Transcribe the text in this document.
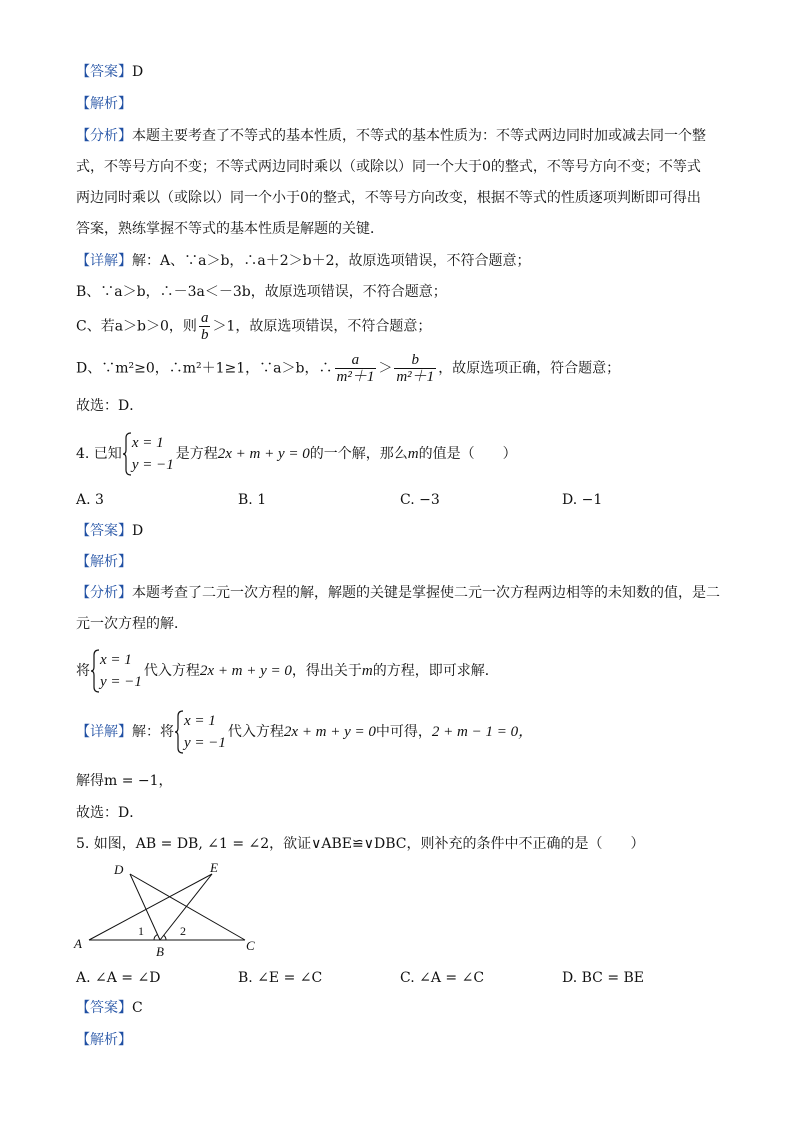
【答案】D
【解析】
【分析】本题主要考查了不等式的基本性质，不等式的基本性质为：不等式两边同时加或减去同一个整
式，不等号方向不变；不等式两边同时乘以（或除以）同一个大于0的整式，不等号方向不变；不等式
两边同时乘以（或除以）同一个小于0的整式，不等号方向改变，根据不等式的性质逐项判断即可得出
答案，熟练掌握不等式的基本性质是解题的关键．
【详解】解：A、∵a＞b，∴a＋2＞b＋2，故原选项错误，不符合题意；
B、∵a＞b，∴－3a＜－3b，故原选项错误，不符合题意；
C、若a＞b＞0，则 $\frac{a}{b} >1$，故原选项错误，不符合题意；
D、∵m²≥0，∴m²＋1≥1，∵a＞b，∴ $\frac{a}{\text{m²＋1}} > \frac{b}{\text{m²＋1}}$ ，故原选项正确，符合题意；
故选：D．
4. 已知
x = 1
y = −1
是方程2x + m + y = 0的一个解，那么m的值是（　　）
A. 3	B. 1	C. −3	D. −1
【答案】D
【解析】
【分析】本题考查了二元一次方程的解，解题的关键是掌握使二元一次方程两边相等的未知数的值，是二
元一次方程的解．
将
x = 1
y = −1
代入方程2x + m + y = 0，得出关于m的方程，即可求解．
【详解】解：将
x = 1
y = −1
代入方程2x + m + y = 0中可得，2 + m − 1 = 0，
解得m = −1，
故选：D．
5. 如图，AB = DB, ∠1 = ∠2，欲证∨ABE≌∨DBC，则补充的条件中不正确的是（　　）
A
B	C
D	E
1	2
A. ∠A = ∠D	B. ∠E = ∠C	C. ∠A = ∠C	D. BC = BE
【答案】C
【解析】
